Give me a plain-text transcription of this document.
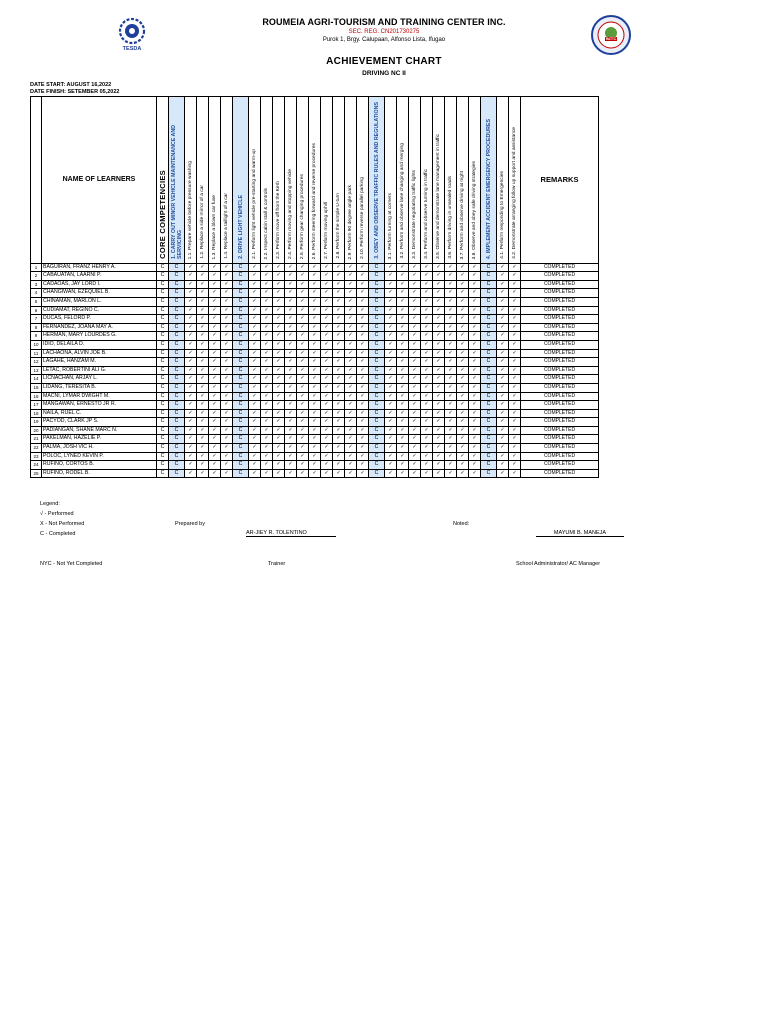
TESDA
RATTC
ROUMEIA AGRI-TOURISM AND TRAINING CENTER INC.
SEC. REG. CN201730275
Purok 1, Brgy. Calupaan, Alfonso Lista, Ifugao
ACHIEVEMENT CHART
DRIVING NC II
DATE START: AUGUST 16,2022
DATE FINISH: SETEMBER 05,2022
	NAME OF LEARNERS	CORE COMPETENCIES	1. CARRY OUT MINOR VEHICLE MAINTENANCE AND SERVICING	1.1. Prepare vehicle before pressure washing	1.2. Replace a side mirror of a car	1.3. Replace a blown car fuse	1.4. Replace a taillight of a car	2. DRIVE LIGHT VEHICLE	2.1. Perform light vehicle pre-starting and warm-up	2.2. Inspect cabin stall & controls	2.3. Perform move off from the Kerb	2.4. Perform moving and stopping vehicle	2.5. Perform gear changing procedures	2.6. Perform steering forward and reverse procedures	2.7. Perform moving uphill	2.8. Perform the simple U-turn	2.9. Perform 90 degree angle park	2.10. Perform reverse parallel parking	3. OBEY AND OBSERVE TRAFFIC RULES AND REGULATIONS	3.1. Perform turning at corners	3.2. Perform and observe lane changing and merging	3.3. Demonstrate negotiating traffic lights	3.4. Perform and observe turning in traffic	3.5. Observe and demonstrate lane management in traffic	3.6. Perform driving in unsealed roads	3.7. Perform and observe driving at night	3.8. Observe and obey safe driving strategies	4. IMPLEMENT ACCIDENT EMERGENCY PROCEDURES	4.1. Perform responding to Emergencies	4.2. Demonstrate arranging follow up support and assistance	REMARKS
1	BAGUIRAN, FRANZ HENRY A.	C	C	✓	✓	✓	✓	C	✓	✓	✓	✓	✓	✓	✓	✓	✓	✓	C	✓	✓	✓	✓	✓	✓	✓	✓	C	✓	✓	COMPLETED
2	CABAUATAN, LAARNI P.	C	C	✓	✓	✓	✓	C	✓	✓	✓	✓	✓	✓	✓	✓	✓	✓	C	✓	✓	✓	✓	✓	✓	✓	✓	C	✓	✓	COMPLETED
3	CADAOAS, JAY LORD I.	C	C	✓	✓	✓	✓	C	✓	✓	✓	✓	✓	✓	✓	✓	✓	✓	C	✓	✓	✓	✓	✓	✓	✓	✓	C	✓	✓	COMPLETED
4	CHANGIWAN, EZEQUIEL B.	C	C	✓	✓	✓	✓	C	✓	✓	✓	✓	✓	✓	✓	✓	✓	✓	C	✓	✓	✓	✓	✓	✓	✓	✓	C	✓	✓	COMPLETED
5	CHINAMAN, MARLON L.	C	C	✓	✓	✓	✓	C	✓	✓	✓	✓	✓	✓	✓	✓	✓	✓	C	✓	✓	✓	✓	✓	✓	✓	✓	C	✓	✓	COMPLETED
6	CUDIAMAT, REGINO C.	C	C	✓	✓	✓	✓	C	✓	✓	✓	✓	✓	✓	✓	✓	✓	✓	C	✓	✓	✓	✓	✓	✓	✓	✓	C	✓	✓	COMPLETED
7	DUCAS, FELORD P.	C	C	✓	✓	✓	✓	C	✓	✓	✓	✓	✓	✓	✓	✓	✓	✓	C	✓	✓	✓	✓	✓	✓	✓	✓	C	✓	✓	COMPLETED
8	FERNANDEZ, JOANA MAY A.	C	C	✓	✓	✓	✓	C	✓	✓	✓	✓	✓	✓	✓	✓	✓	✓	C	✓	✓	✓	✓	✓	✓	✓	✓	C	✓	✓	COMPLETED
9	HERMAN, MARY LOURDES G.	C	C	✓	✓	✓	✓	C	✓	✓	✓	✓	✓	✓	✓	✓	✓	✓	C	✓	✓	✓	✓	✓	✓	✓	✓	C	✓	✓	COMPLETED
10	IDIO, DELAILA D.	C	C	✓	✓	✓	✓	C	✓	✓	✓	✓	✓	✓	✓	✓	✓	✓	C	✓	✓	✓	✓	✓	✓	✓	✓	C	✓	✓	COMPLETED
11	LACHAONA, ALVIN JOE B.	C	C	✓	✓	✓	✓	C	✓	✓	✓	✓	✓	✓	✓	✓	✓	✓	C	✓	✓	✓	✓	✓	✓	✓	✓	C	✓	✓	COMPLETED
12	LAGAHE, HANZAM M.	C	C	✓	✓	✓	✓	C	✓	✓	✓	✓	✓	✓	✓	✓	✓	✓	C	✓	✓	✓	✓	✓	✓	✓	✓	C	✓	✓	COMPLETED
13	LETAC, ROBERTINI ALI G.	C	C	✓	✓	✓	✓	C	✓	✓	✓	✓	✓	✓	✓	✓	✓	✓	C	✓	✓	✓	✓	✓	✓	✓	✓	C	✓	✓	COMPLETED
14	LICNACHAN, ARJAY L.	C	C	✓	✓	✓	✓	C	✓	✓	✓	✓	✓	✓	✓	✓	✓	✓	C	✓	✓	✓	✓	✓	✓	✓	✓	C	✓	✓	COMPLETED
15	LIDANG, TERESITA B.	C	C	✓	✓	✓	✓	C	✓	✓	✓	✓	✓	✓	✓	✓	✓	✓	C	✓	✓	✓	✓	✓	✓	✓	✓	C	✓	✓	COMPLETED
16	MACNI, LYMAR DWIGHT M.	C	C	✓	✓	✓	✓	C	✓	✓	✓	✓	✓	✓	✓	✓	✓	✓	C	✓	✓	✓	✓	✓	✓	✓	✓	C	✓	✓	COMPLETED
17	MANGAWAN, ERNESTO JR R.	C	C	✓	✓	✓	✓	C	✓	✓	✓	✓	✓	✓	✓	✓	✓	✓	C	✓	✓	✓	✓	✓	✓	✓	✓	C	✓	✓	COMPLETED
18	NAILA, RUEL C.	C	C	✓	✓	✓	✓	C	✓	✓	✓	✓	✓	✓	✓	✓	✓	✓	C	✓	✓	✓	✓	✓	✓	✓	✓	C	✓	✓	COMPLETED
19	PACYOD, CLARK JP S.	C	C	✓	✓	✓	✓	C	✓	✓	✓	✓	✓	✓	✓	✓	✓	✓	C	✓	✓	✓	✓	✓	✓	✓	✓	C	✓	✓	COMPLETED
20	PADIANGAN, SHANE MARC N.	C	C	✓	✓	✓	✓	C	✓	✓	✓	✓	✓	✓	✓	✓	✓	✓	C	✓	✓	✓	✓	✓	✓	✓	✓	C	✓	✓	COMPLETED
21	PAKELMAN, HAZELIE P.	C	C	✓	✓	✓	✓	C	✓	✓	✓	✓	✓	✓	✓	✓	✓	✓	C	✓	✓	✓	✓	✓	✓	✓	✓	C	✓	✓	COMPLETED
22	PALMA, JOSH VIC H.	C	C	✓	✓	✓	✓	C	✓	✓	✓	✓	✓	✓	✓	✓	✓	✓	C	✓	✓	✓	✓	✓	✓	✓	✓	C	✓	✓	COMPLETED
23	POLOC, LYNED KEVIN P.	C	C	✓	✓	✓	✓	C	✓	✓	✓	✓	✓	✓	✓	✓	✓	✓	C	✓	✓	✓	✓	✓	✓	✓	✓	C	✓	✓	COMPLETED
24	RUFINO, CORTOS B.	C	C	✓	✓	✓	✓	C	✓	✓	✓	✓	✓	✓	✓	✓	✓	✓	C	✓	✓	✓	✓	✓	✓	✓	✓	C	✓	✓	COMPLETED
25	RUFINO, RODEL B.	C	C	✓	✓	✓	✓	C	✓	✓	✓	✓	✓	✓	✓	✓	✓	✓	C	✓	✓	✓	✓	✓	✓	✓	✓	C	✓	✓	COMPLETED
Legend:
√ - Performed
X - Not Performed
C - Completed
NYC - Not Yet Completed
Prepared by
AR-JIEY R. TOLENTINO
Trainer
Noted:
MAYUMI B. MANEJA
School Administrator/ AC Manager
